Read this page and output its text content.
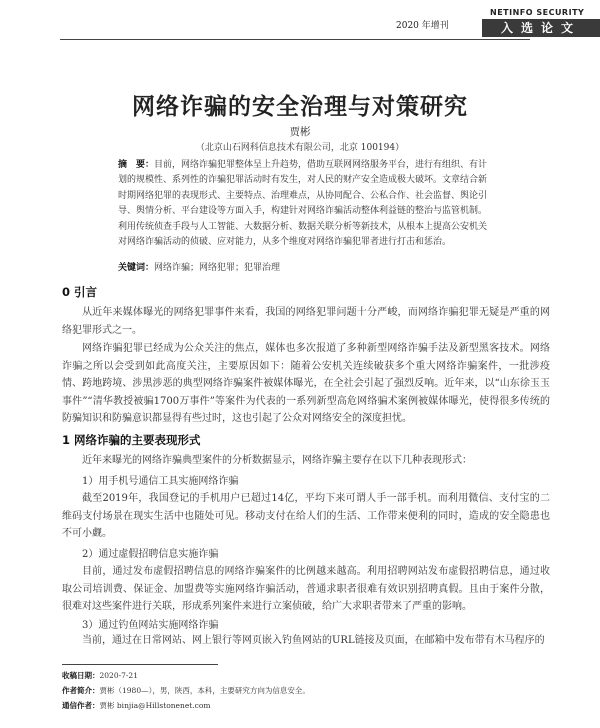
2020 年增刊
NETINFO SECURITY
入选论文
网络诈骗的安全治理与对策研究
贾彬
（北京山石网科信息技术有限公司，北京 100194）
摘　要：目前，网络诈骗犯罪整体呈上升趋势，借助互联网网络服务平台，进行有组织、有计划的规模性、系列性的诈骗犯罪活动时有发生，对人民的财产安全造成极大破坏。文章结合新时期网络犯罪的表现形式、主要特点、治理难点，从协同配合、公私合作、社会监督、舆论引导、舆情分析、平台建设等方面入手，构建针对网络诈骗活动整体利益链的整治与监管机制。利用传统侦查手段与人工智能、大数据分析、数据关联分析等新技术，从根本上提高公安机关对网络诈骗活动的侦破、应对能力，从多个维度对网络诈骗犯罪者进行打击和惩治。
关键词：网络诈骗；网络犯罪；犯罪治理
0 引言
从近年来媒体曝光的网络犯罪事件来看，我国的网络犯罪问题十分严峻，而网络诈骗犯罪无疑是严重的网络犯罪形式之一。
网络诈骗犯罪已经成为公众关注的焦点，媒体也多次报道了多种新型网络诈骗手法及新型黑客技术。网络诈骗之所以会受到如此高度关注，主要原因如下：随着公安机关连续破获多个重大网络诈骗案件，一批涉疫情、跨地跨境、涉黑涉恶的典型网络诈骗案件被媒体曝光，在全社会引起了强烈反响。近年来，以“山东徐玉玉事件”“清华教授被骗1700万事件”等案件为代表的一系列新型高危网络骗术案例被媒体曝光，使得很多传统的防骗知识和防骗意识都显得有些过时，这也引起了公众对网络安全的深度担忧。
1 网络诈骗的主要表现形式
近年来曝光的网络诈骗典型案件的分析数据显示，网络诈骗主要存在以下几种表现形式：
1）用手机号通信工具实施网络诈骗
截至2019年，我国登记的手机用户已超过14亿，平均下来可谓人手一部手机。而利用微信、支付宝的二维码支付场景在现实生活中也随处可见。移动支付在给人们的生活、工作带来便利的同时，造成的安全隐患也不可小觑。
2）通过虚假招聘信息实施诈骗
目前，通过发布虚假招聘信息的网络诈骗案件的比例越来越高。利用招聘网站发布虚假招聘信息，通过收取公司培训费、保证金、加盟费等实施网络诈骗活动，普通求职者很难有效识别招聘真假。且由于案件分散，很难对这些案件进行关联，形成系列案件来进行立案侦破，给广大求职者带来了严重的影响。
3）通过钓鱼网站实施网络诈骗
当前，通过在日常网站、网上银行等网页嵌入钓鱼网站的URL链接及页面，在邮箱中发布带有木马程序的
收稿日期：2020-7-21
作者简介：贾彬（1980—），男，陕西，本科，主要研究方向为信息安全。
通信作者：贾彬 binjia@Hillstonenet.com
